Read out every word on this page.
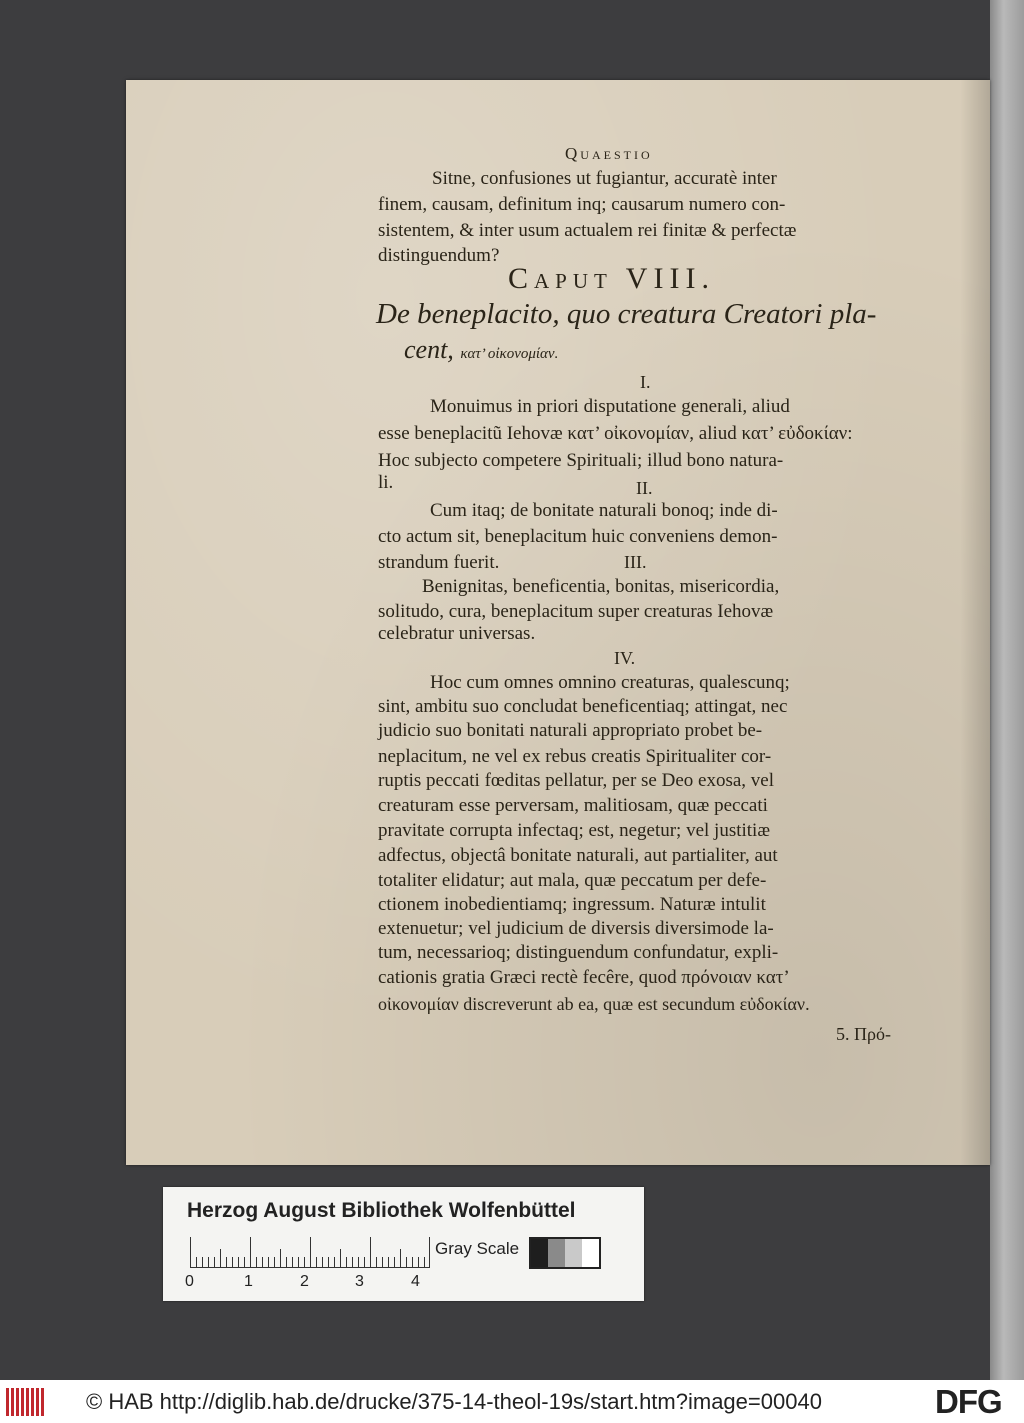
Quaestio
Sitne, confusiones ut fugiantur, accuratè inter
finem, causam, definitum inq; causarum numero con-
sistentem, & inter usum actualem rei finitæ & perfectæ
distinguendum?
Caput VIII.
De beneplacito, quo creatura Creatori pla-
cent, κατ’ οἰκονομίαν.
I.
Monuimus in priori disputatione generali, aliud
esse beneplacitũ Iehovæ κατ’ οἰκονομίαν, aliud κατ’ εὐδοκίαν:
Hoc subjecto competere Spirituali; illud bono natura-
li.	II.
Cum itaq; de bonitate naturali bonoq; inde di-
cto actum sit, beneplacitum huic conveniens demon-
strandum fuerit.	III.
Benignitas, beneficentia, bonitas, misericordia,
solitudo, cura, beneplacitum super creaturas Iehovæ
celebratur universas.
IV.
Hoc cum omnes omnino creaturas, qualescunq;
sint, ambitu suo concludat beneficentiaq; attingat, nec
judicio suo bonitati naturali appropriato probet be-
neplacitum, ne vel ex rebus creatis Spiritualiter cor-
ruptis peccati fœditas pellatur, per se Deo exosa, vel
creaturam esse perversam, malitiosam, quæ peccati
pravitate corrupta infectaq; est, negetur; vel justitiæ
adfectus, objectâ bonitate naturali, aut partialiter, aut
totaliter elidatur; aut mala, quæ peccatum per defe-
ctionem inobedientiamq; ingressum. Naturæ intulit
extenuetur; vel judicium de diversis diversimode la-
tum, necessarioq; distinguendum confundatur, expli-
cationis gratia Græci rectè fecêre, quod πρόνοιαν κατ’
οἰκονομίαν discreverunt ab ea, quæ est secundum εὐδοκίαν.
5. Πρό-
Herzog August Bibliothek Wolfenbüttel
0	1	2	3	4
Gray Scale
© HAB http://diglib.hab.de/drucke/375-14-theol-19s/start.htm?image=00040	DFG
